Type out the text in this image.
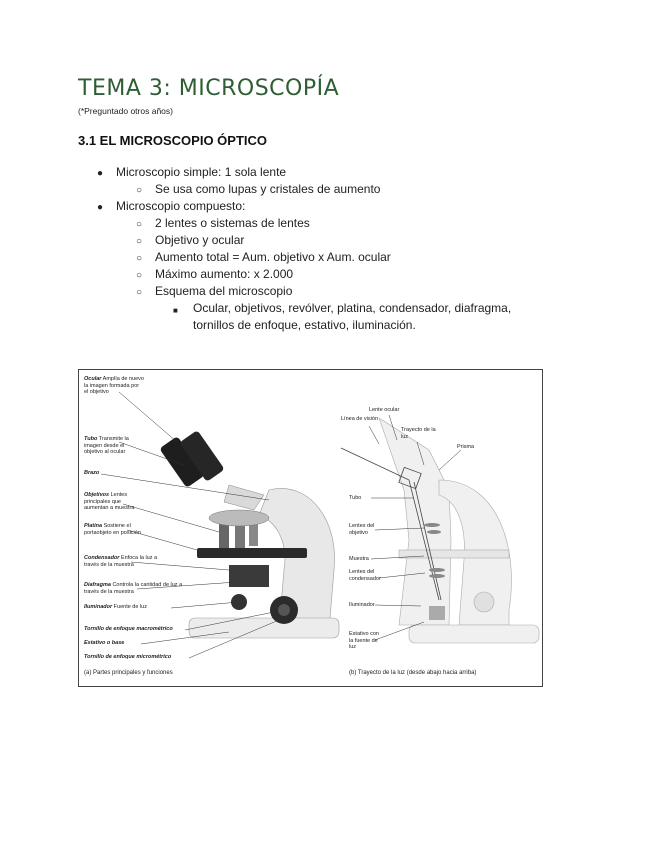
TEMA 3: MICROSCOPÍA
(*Preguntado otros años)
3.1 EL MICROSCOPIO ÓPTICO
● Microscopio simple: 1 sola lente
○ Se usa como lupas y cristales de aumento
● Microscopio compuesto:
○ 2 lentes o sistemas de lentes
○ Objetivo y ocular
○ Aumento total = Aum. objetivo x Aum. ocular
○ Máximo aumento: x 2.000
○ Esquema del microscopio
■ Ocular, objetivos, revólver, platina, condensador, diafragma,
tornillos de enfoque, estativo, iluminación.
Ocular Amplía de nuevo la imagen formada por el objetivo
Tubo Transmite la imagen desde el objetivo al ocular
Brazo
Objetivos Lentes principales que aumentan a muestra
Platina Sostiene el portaobjeto en posición
Condensador Enfoca la luz a través de la muestra
Diafragma Controla la cantidad de luz a través de la muestra
Iluminador Fuente de luz
Tornillo de enfoque macrométrico
Estativo o base
Tornillo de enfoque micrométrico
Lente ocular
Línea de visión
Trayecto de la luz
Prisma
Tubo
Lentes del objetivo
Muestra
Lentes del condensador
Iluminador
Estativo con la fuente de luz
(a) Partes principales y funciones	(b) Trayecto de la luz (desde abajo hacia arriba)
